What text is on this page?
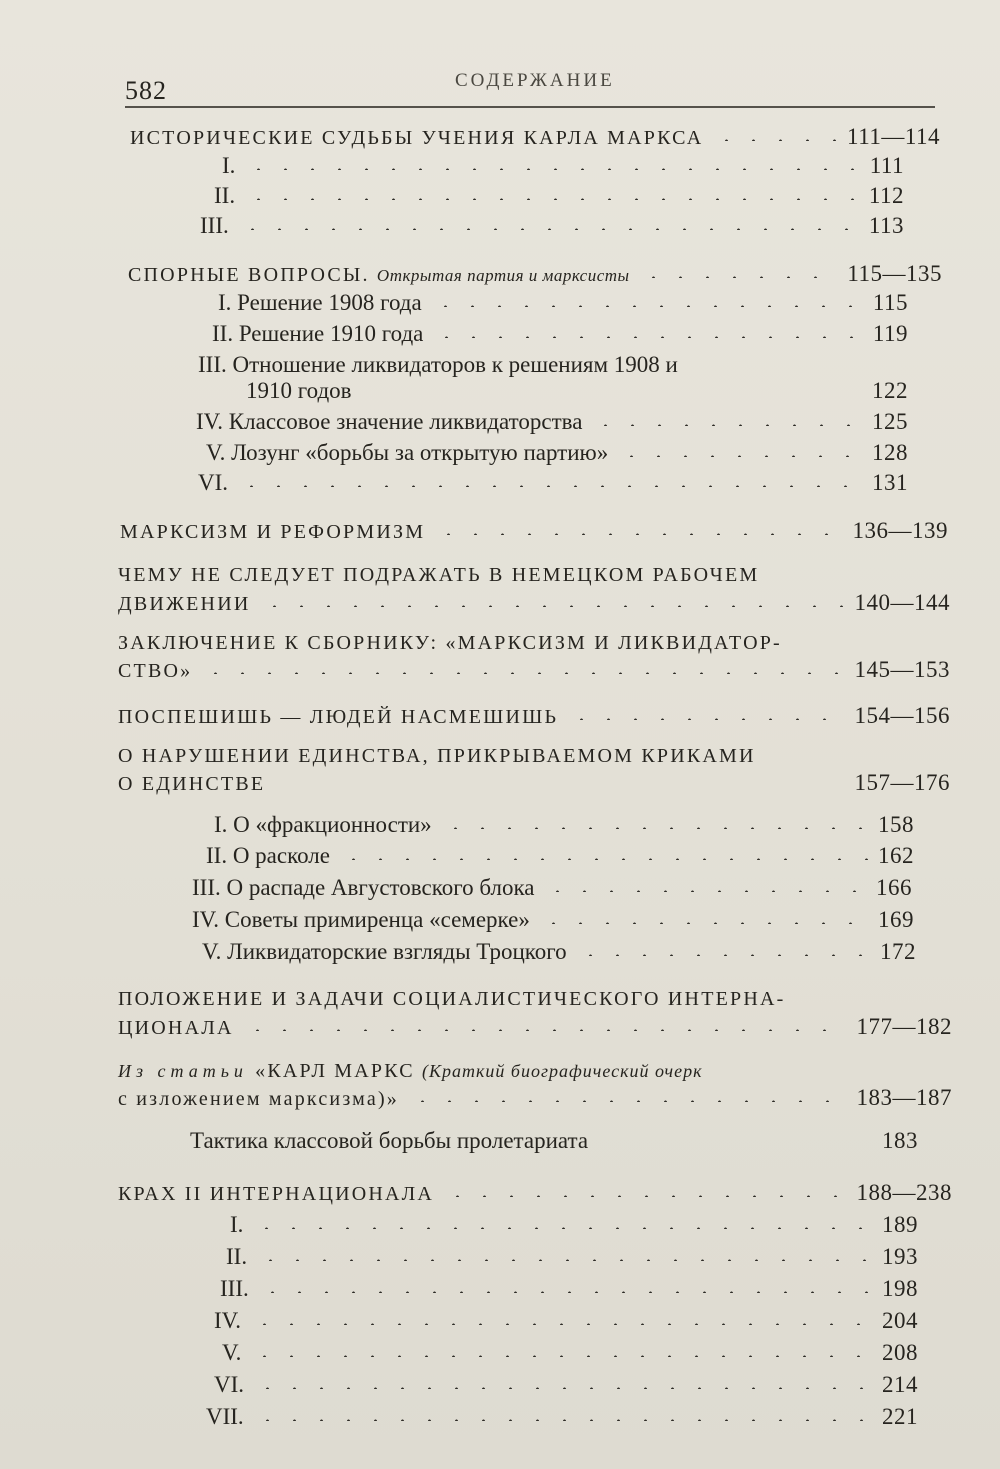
582	СОДЕРЖАНИЕ
ИСТОРИЧЕСКИЕ СУДЬБЫ УЧЕНИЯ КАРЛА МАРКСА	111—114
I.	111
II.	112
III.	113
СПОРНЫЕ ВОПРОСЫ. Открытая партия и марксисты	115—135
I. Решение 1908 года	115
II. Решение 1910 года	119
III. Отношение ликвидаторов к решениям 1908 и
1910 годов	122
IV. Классовое значение ликвидаторства	125
V. Лозунг «борьбы за открытую партию»	128
VI.	131
МАРКСИЗМ И РЕФОРМИЗМ	136—139
ЧЕМУ НЕ СЛЕДУЕТ ПОДРАЖАТЬ В НЕМЕЦКОМ РАБОЧЕМ
ДВИЖЕНИИ	140—144
ЗАКЛЮЧЕНИЕ К СБОРНИКУ: «МАРКСИЗМ И ЛИКВИДАТОР-
СТВО»	145—153
ПОСПЕШИШЬ — ЛЮДЕЙ НАСМЕШИШЬ	154—156
О НАРУШЕНИИ ЕДИНСТВА, ПРИКРЫВАЕМОМ КРИКАМИ
О ЕДИНСТВЕ	157—176
I. О «фракционности»	158
II. О расколе	162
III. О распаде Августовского блока	166
IV. Советы примиренца «семерке»	169
V. Ликвидаторские взгляды Троцкого	172
ПОЛОЖЕНИЕ И ЗАДАЧИ СОЦИАЛИСТИЧЕСКОГО ИНТЕРНА-
ЦИОНАЛА	177—182
Из статьи «КАРЛ МАРКС (Краткий биографический очерк
с изложением марксизма)»	183—187
Тактика классовой борьбы пролетариата	183
КРАХ II ИНТЕРНАЦИОНАЛА	188—238
I.	189
II.	193
III.	198
IV.	204
V.	208
VI.	214
VII.	221
